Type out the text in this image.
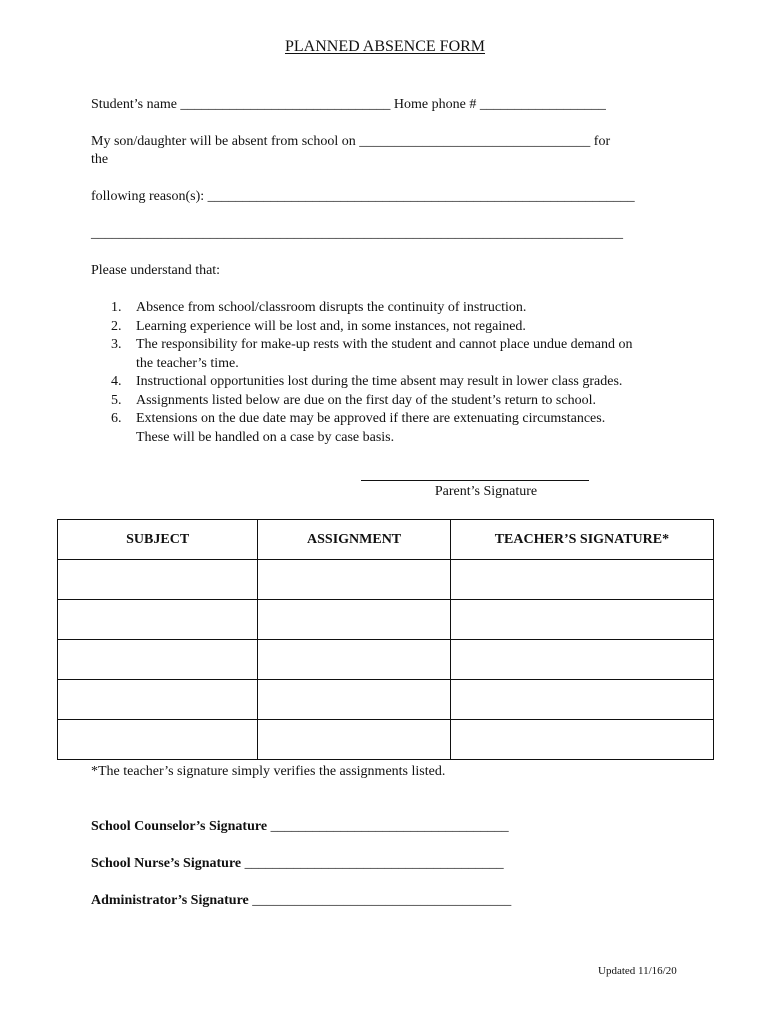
PLANNED ABSENCE FORM
Student’s name ______________________________ Home phone # __________________
My son/daughter will be absent from school on _________________________________ for
the
following reason(s): _____________________________________________________________
____________________________________________________________________________
Please understand that:
1. Absence from school/classroom disrupts the continuity of instruction.
2. Learning experience will be lost and, in some instances, not regained.
3. The responsibility for make-up rests with the student and cannot place undue demand on
the teacher’s time.
4. Instructional opportunities lost during the time absent may result in lower class grades.
5. Assignments listed below are due on the first day of the student’s return to school.
6. Extensions on the due date may be approved if there are extenuating circumstances.
These will be handled on a case by case basis.
Parent’s Signature
SUBJECT	ASSIGNMENT	TEACHER’S SIGNATURE*

*The teacher’s signature simply verifies the assignments listed.
School Counselor’s Signature __________________________________
School Nurse’s Signature _____________________________________
Administrator’s Signature _____________________________________
Updated 11/16/20
